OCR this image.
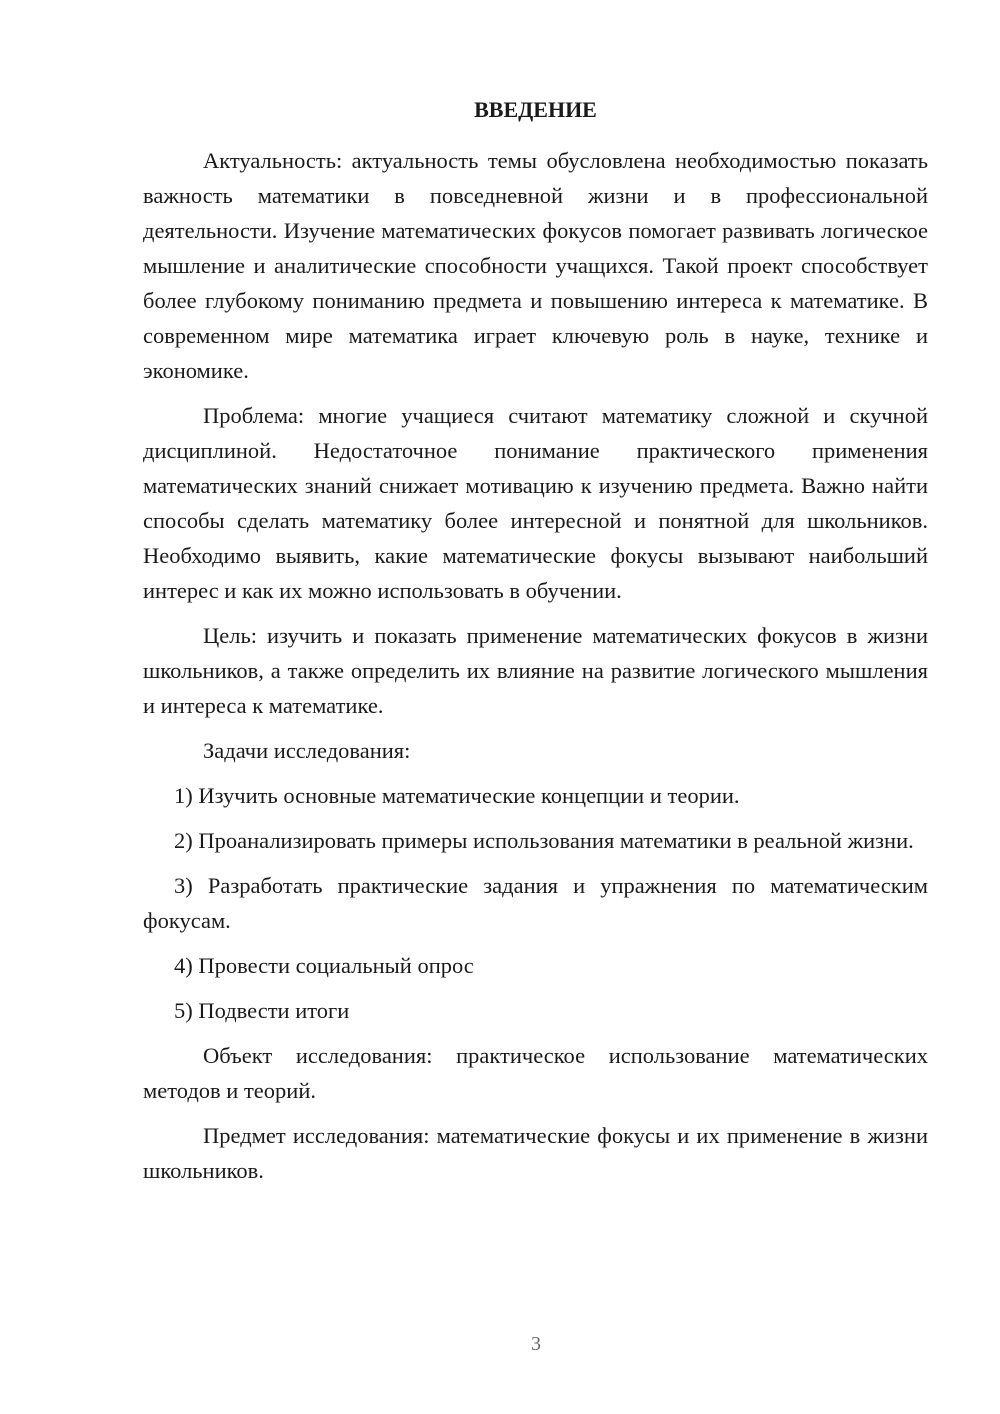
ВВЕДЕНИЕ

Актуальность: актуальность темы обусловлена необходимостью показать важность математики в повседневной жизни и в профессиональной деятельности. Изучение математических фокусов помогает развивать логическое мышление и аналитические способности учащихся. Такой проект способствует более глубокому пониманию предмета и повышению интереса к математике. В современном мире математика играет ключевую роль в науке, технике и экономике.

Проблема: многие учащиеся считают математику сложной и скучной дисциплиной. Недостаточное понимание практического применения математических знаний снижает мотивацию к изучению предмета. Важно найти способы сделать математику более интересной и понятной для школьников. Необходимо выявить, какие математические фокусы вызывают наибольший интерес и как их можно использовать в обучении.

Цель: изучить и показать применение математических фокусов в жизни школьников, а также определить их влияние на развитие логического мышления и интереса к математике.

Задачи исследования:

1) Изучить основные математические концепции и теории.

2) Проанализировать примеры использования математики в реальной жизни.

3) Разработать практические задания и упражнения по математическим фокусам.

4) Провести социальный опрос

5) Подвести итоги

Объект исследования: практическое использование математических методов и теорий.

Предмет исследования: математические фокусы и их применение в жизни школьников.

3
